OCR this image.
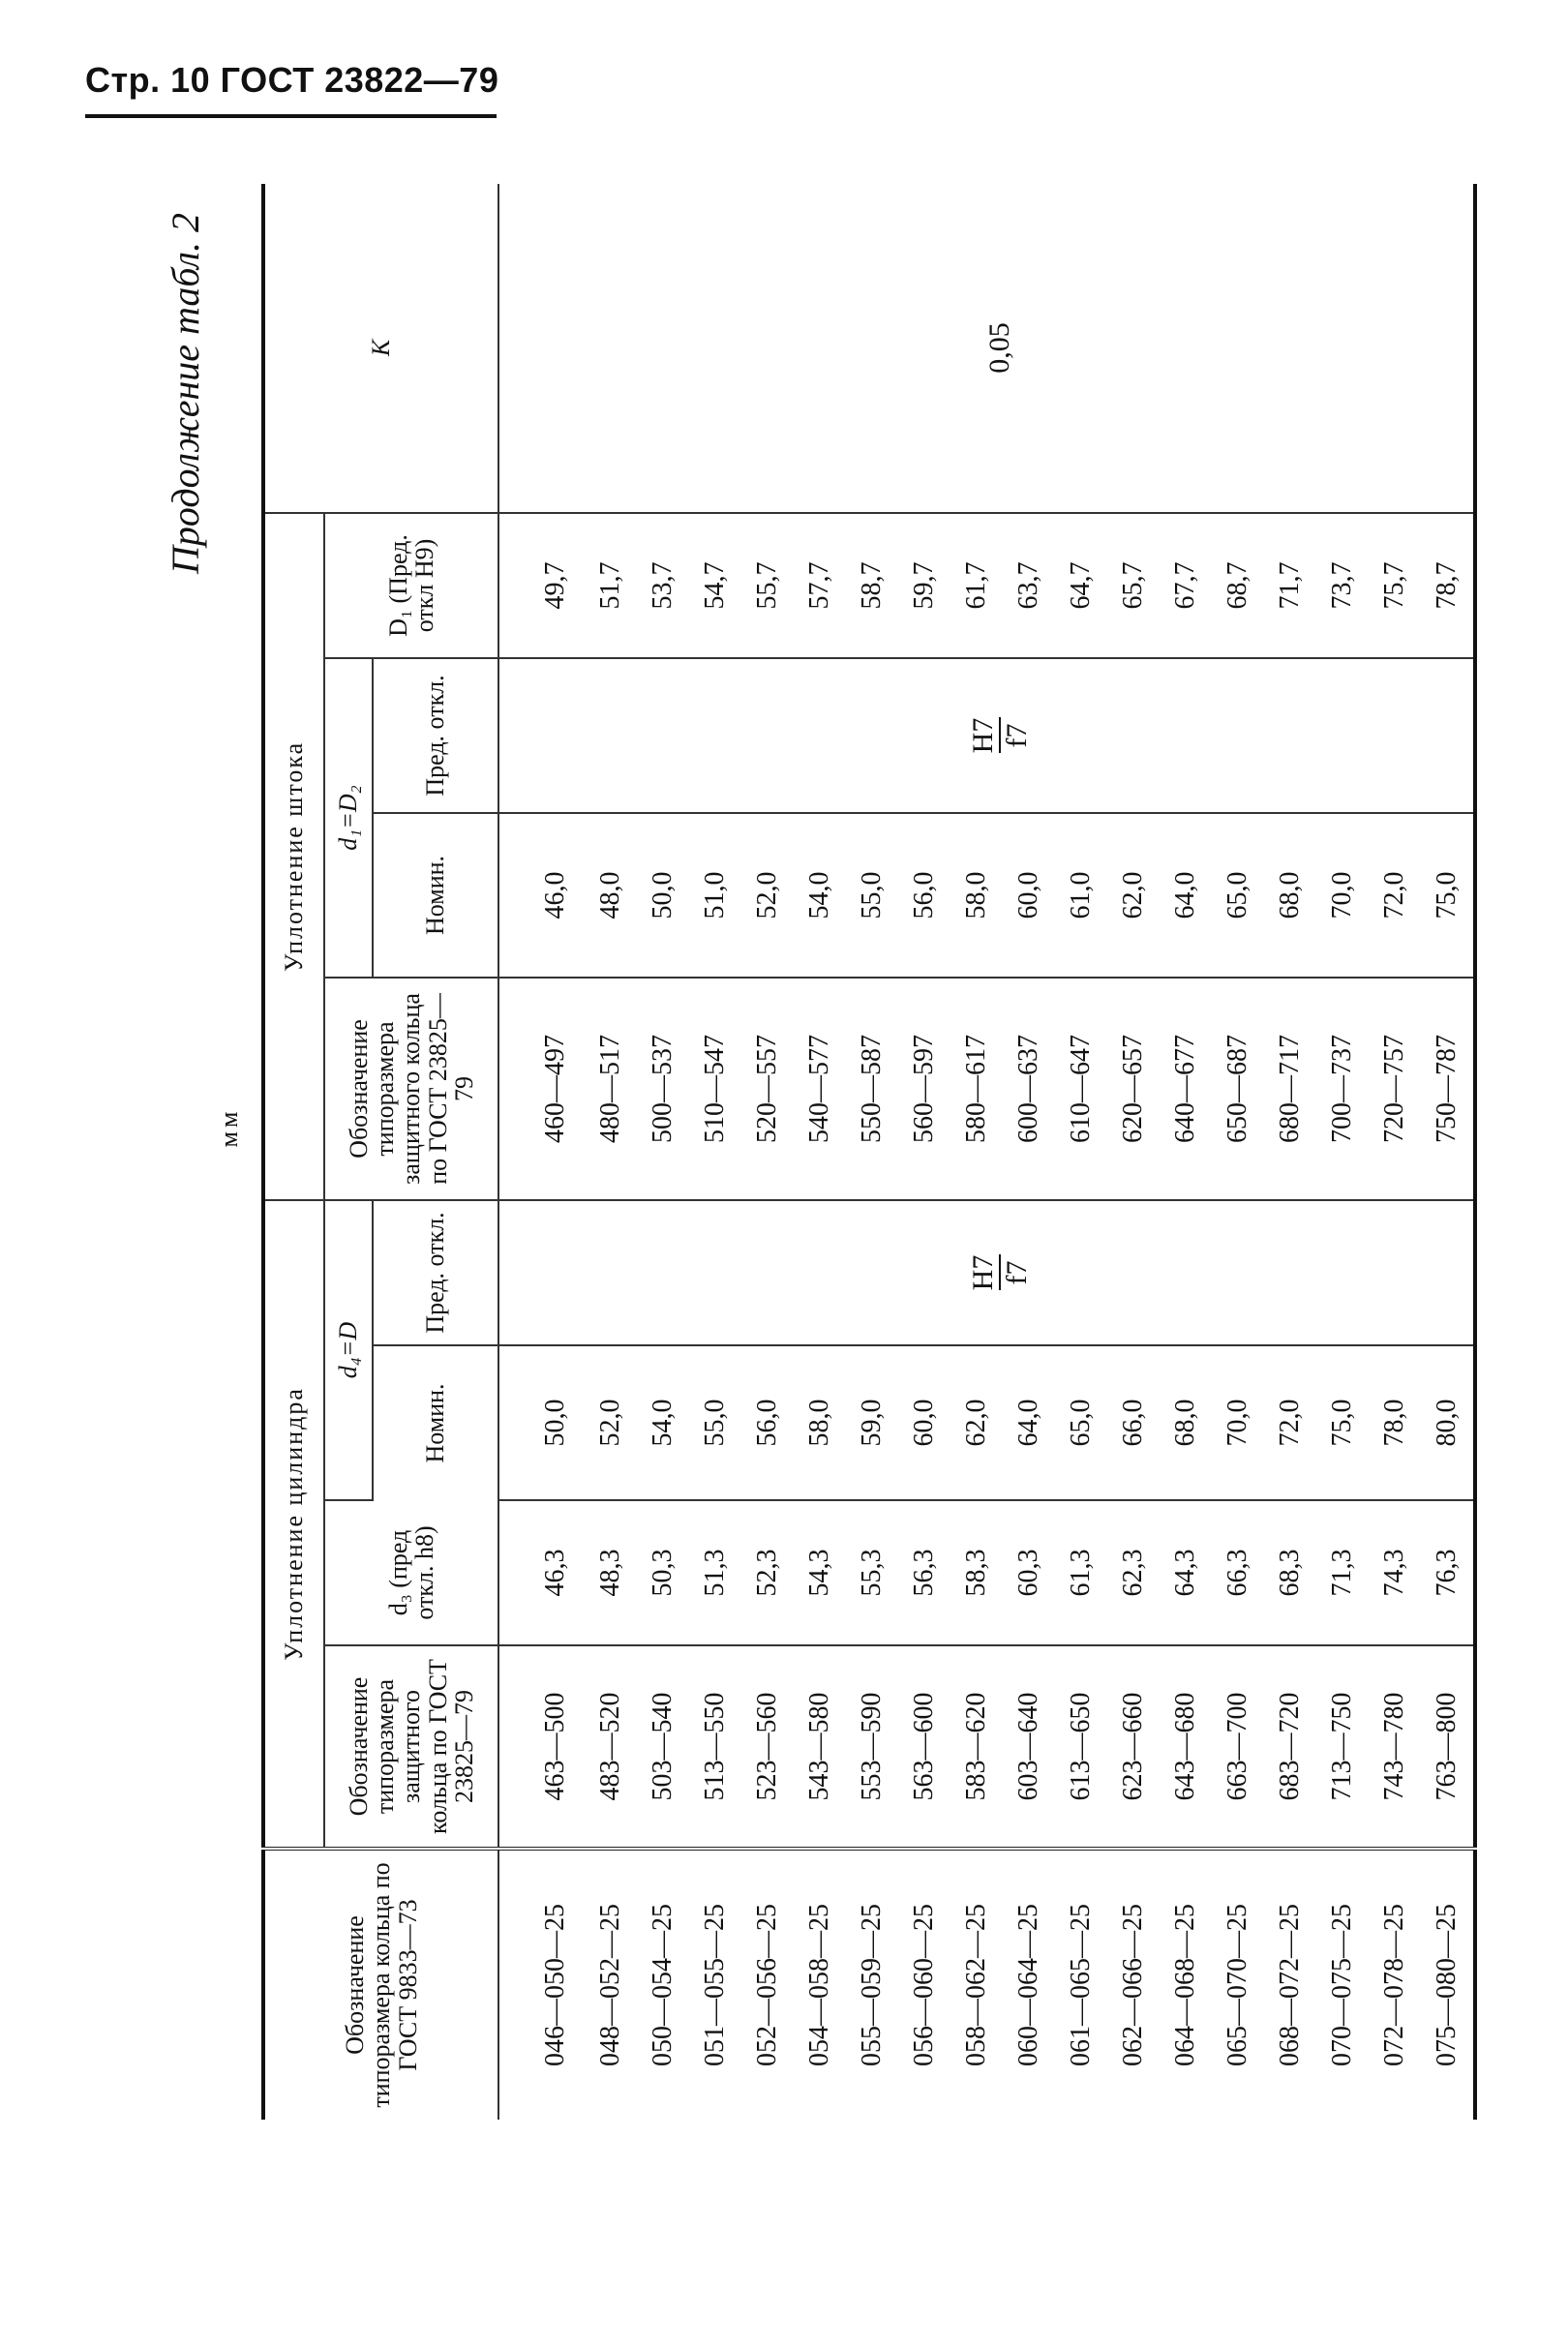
Стр. 10 ГОСТ 23822—79
Продолжение табл. 2
мм
Обозначение типоразмера кольца по ГОСТ 9833—73	Уплотнение цилиндра				Уплотнение штока				K
	Обозначение типоразмера защитного кольца по ГОСТ 23825—79	d₃ (пред откл. h8)	d₄=D		Обозначение типоразмера защитного кольца по ГОСТ 23825—79	d₁=D₂		D₁ (Пред. откл H9)	
			Номин.	Пред. откл.		Номин.	Пред. откл.		
046—050—25	463—500	46,3	50,0	H7 f7	460—497	46,0	H7 f7	49,7	0,05
048—052—25	483—520	48,3	52,0		480—517	48,0		51,7	
050—054—25	503—540	50,3	54,0		500—537	50,0		53,7	
051—055—25	513—550	51,3	55,0		510—547	51,0		54,7	
052—056—25	523—560	52,3	56,0		520—557	52,0		55,7	
054—058—25	543—580	54,3	58,0		540—577	54,0		57,7	
055—059—25	553—590	55,3	59,0		550—587	55,0		58,7	
056—060—25	563—600	56,3	60,0		560—597	56,0		59,7	
058—062—25	583—620	58,3	62,0		580—617	58,0		61,7	
060—064—25	603—640	60,3	64,0		600—637	60,0		63,7	
061—065—25	613—650	61,3	65,0		610—647	61,0		64,7	
062—066—25	623—660	62,3	66,0		620—657	62,0		65,7	
064—068—25	643—680	64,3	68,0		640—677	64,0		67,7	
065—070—25	663—700	66,3	70,0		650—687	65,0		68,7	
068—072—25	683—720	68,3	72,0		680—717	68,0		71,7	
070—075—25	713—750	71,3	75,0		700—737	70,0		73,7	
072—078—25	743—780	74,3	78,0		720—757	72,0		75,7	
075—080—25	763—800	76,3	80,0		750—787	75,0		78,7	
